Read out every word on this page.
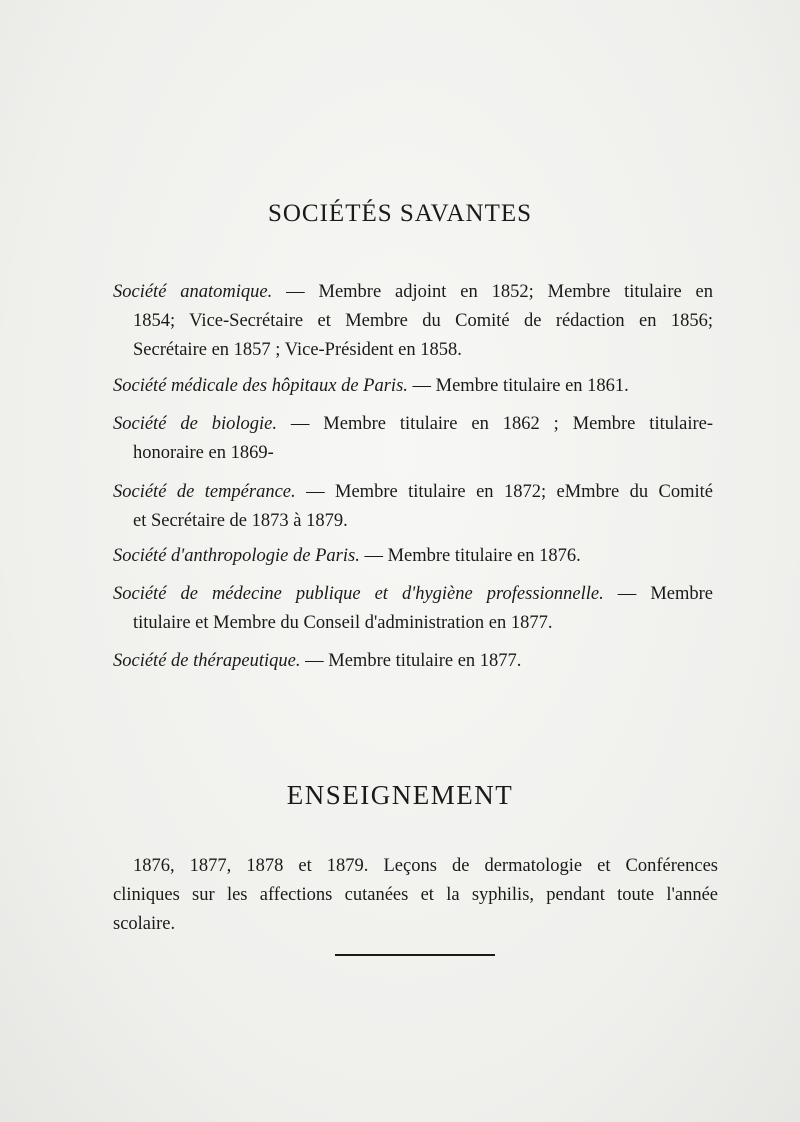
SOCIÉTÉS SAVANTES
Société anatomique. — Membre adjoint en 1852; Membre titulaire en
1854; Vice-Secrétaire et Membre du Comité de rédaction en 1856;
Secrétaire en 1857 ; Vice-Président en 1858.
Société médicale des hôpitaux de Paris. — Membre titulaire en 1861.
Société de biologie. — Membre titulaire en 1862 ; Membre titulaire-
honoraire en 1869-
Société de tempérance. — Membre titulaire en 1872; eMmbre du Comité
et Secrétaire de 1873 à 1879.
Société d'anthropologie de Paris. — Membre titulaire en 1876.
Société de médecine publique et d'hygiène professionnelle. — Membre
titulaire et Membre du Conseil d'administration en 1877.
Société de thérapeutique. — Membre titulaire en 1877.
ENSEIGNEMENT
1876, 1877, 1878 et 1879. Leçons de dermatologie et Conférences
cliniques sur les affections cutanées et la syphilis, pendant toute l'année
scolaire.
